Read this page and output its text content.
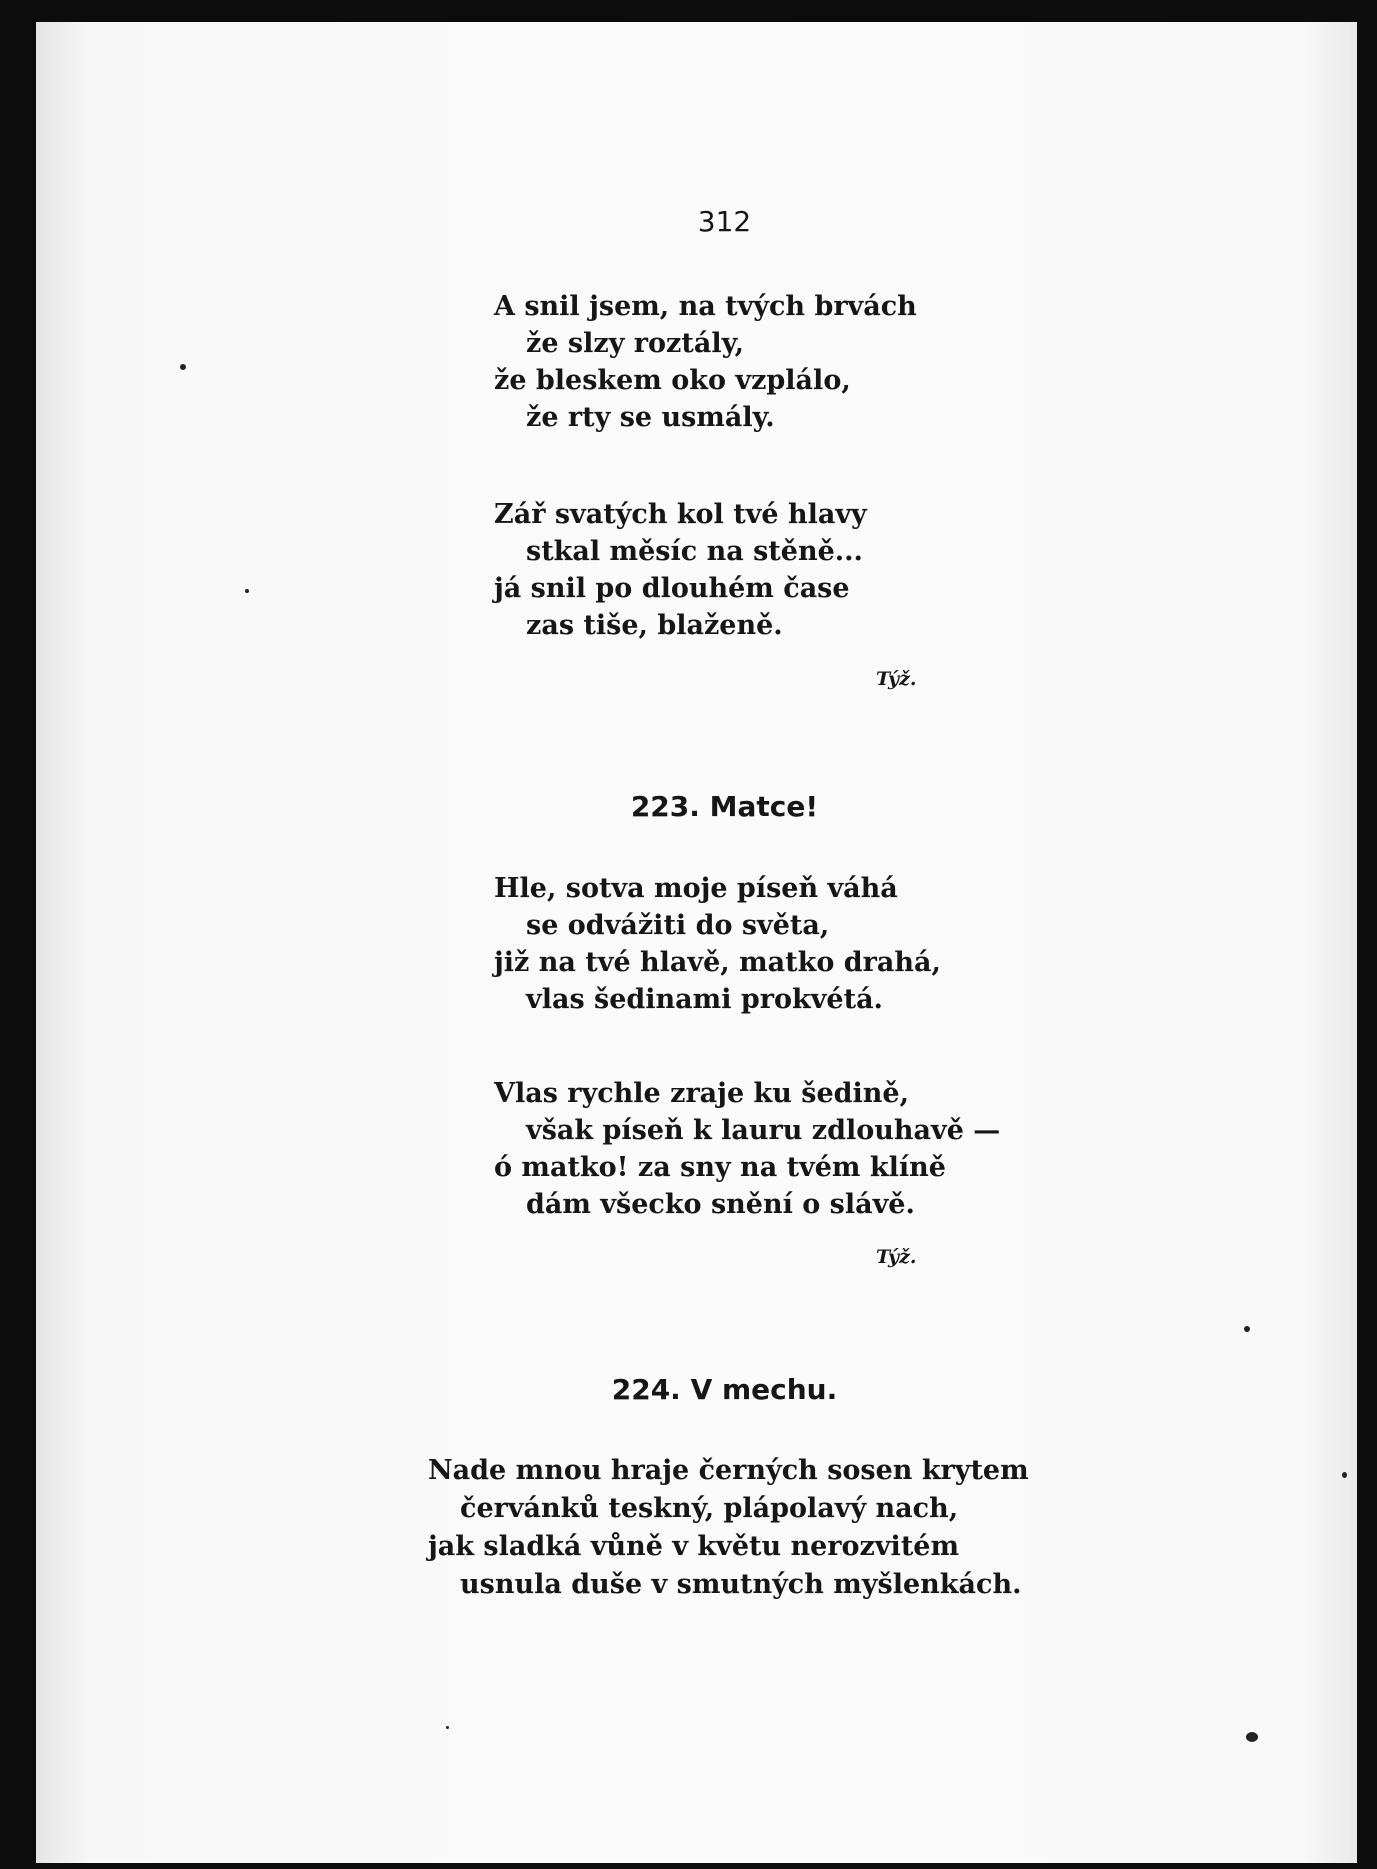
312
A snil jsem, na tvých brvách
že slzy roztály,
že bleskem oko vzplálo,
že rty se usmály.
Zář svatých kol tvé hlavy
stkal měsíc na stěně...
já snil po dlouhém čase
zas tiše, blaženě.
Týž.
223. Matce!
Hle, sotva moje píseň váhá
se odvážiti do světa,
již na tvé hlavě, matko drahá,
vlas šedinami prokvétá.
Vlas rychle zraje ku šedině,
však píseň k lauru zdlouhavě —
ó matko! za sny na tvém klíně
dám všecko snění o slávě.
Týž.
224. V mechu.
Nade mnou hraje černých sosen krytem
červánků teskný, plápolavý nach,
jak sladká vůně v květu nerozvitém
usnula duše v smutných myšlenkách.
